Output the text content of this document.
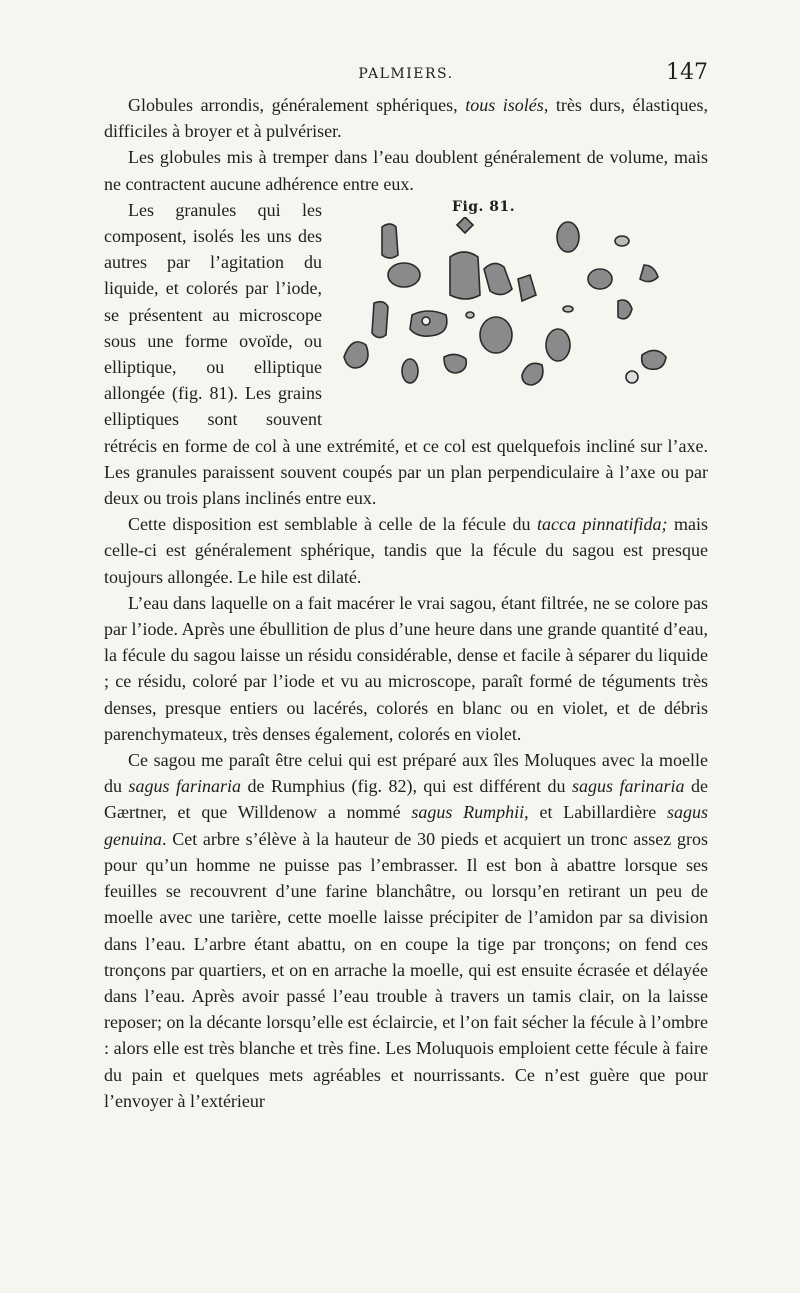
PALMIERS.	147

Globules arrondis, généralement sphériques, tous isolés, très durs, élastiques, difficiles à broyer et à pulvériser.

Les globules mis à tremper dans l’eau doublent généralement de volume, mais ne contractent aucune adhérence entre eux.

Fig. 81.

Les granules qui les composent, isolés les uns des autres par l’agitation du liquide, et colorés par l’iode, se présentent au microscope sous une forme ovoïde, ou elliptique, ou elliptique allongée (fig. 81). Les grains elliptiques sont souvent rétrécis en forme de col à une extrémité, et ce col est quelquefois incliné sur l’axe. Les granules paraissent souvent coupés par un plan perpendiculaire à l’axe ou par deux ou trois plans inclinés entre eux.

Cette disposition est semblable à celle de la fécule du tacca pinnatifida; mais celle-ci est généralement sphérique, tandis que la fécule du sagou est presque toujours allongée. Le hile est dilaté.

L’eau dans laquelle on a fait macérer le vrai sagou, étant filtrée, ne se colore pas par l’iode. Après une ébullition de plus d’une heure dans une grande quantité d’eau, la fécule du sagou laisse un résidu considérable, dense et facile à séparer du liquide ; ce résidu, coloré par l’iode et vu au microscope, paraît formé de téguments très denses, presque entiers ou lacérés, colorés en blanc ou en violet, et de débris parenchymateux, très denses également, colorés en violet.

Ce sagou me paraît être celui qui est préparé aux îles Moluques avec la moelle du sagus farinaria de Rumphius (fig. 82), qui est différent du sagus farinaria de Gærtner, et que Willdenow a nommé sagus Rumphii, et Labillardière sagus genuina. Cet arbre s’élève à la hauteur de 30 pieds et acquiert un tronc assez gros pour qu’un homme ne puisse pas l’embrasser. Il est bon à abattre lorsque ses feuilles se recouvrent d’une farine blanchâtre, ou lorsqu’en retirant un peu de moelle avec une tarière, cette moelle laisse précipiter de l’amidon par sa division dans l’eau. L’arbre étant abattu, on en coupe la tige par tronçons; on fend ces tronçons par quartiers, et on en arrache la moelle, qui est ensuite écrasée et délayée dans l’eau. Après avoir passé l’eau trouble à travers un tamis clair, on la laisse reposer; on la décante lorsqu’elle est éclaircie, et l’on fait sécher la fécule à l’ombre : alors elle est très blanche et très fine. Les Moluquois emploient cette fécule à faire du pain et quelques mets agréables et nourrissants. Ce n’est guère que pour l’envoyer à l’extérieur
